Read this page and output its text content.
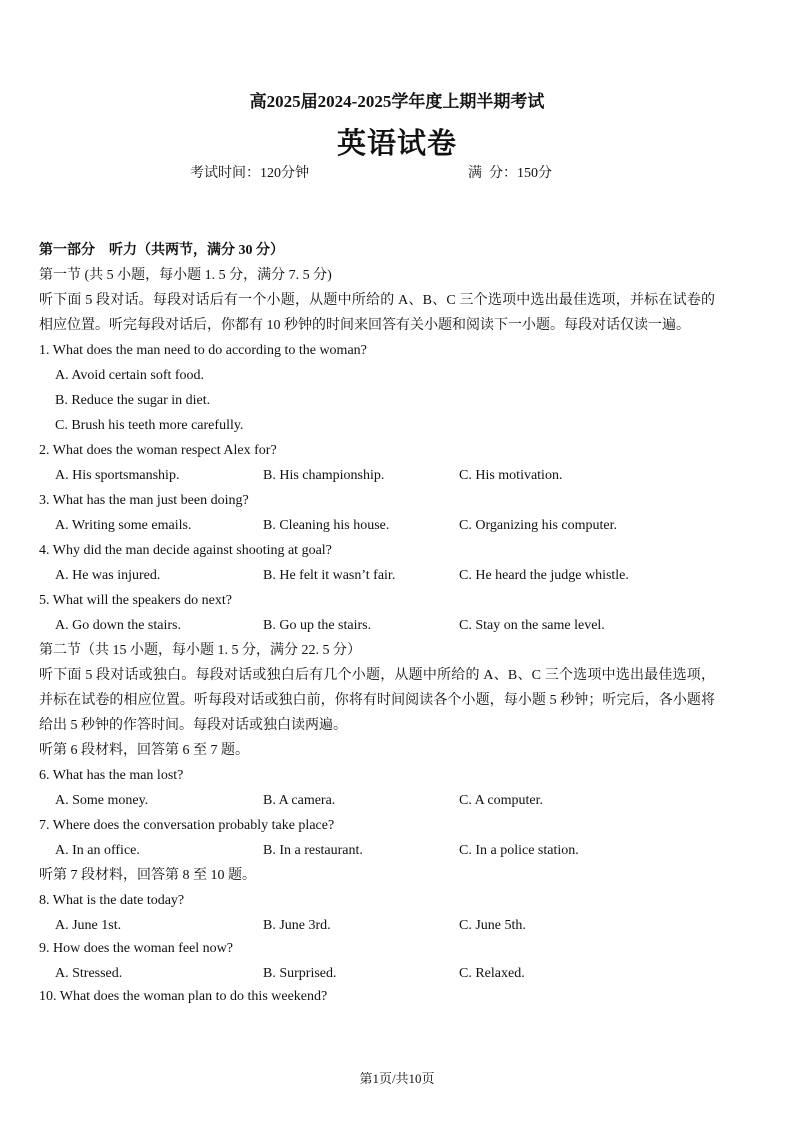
高2025届2024-2025学年度上期半期考试
英语试卷
考试时间：120分钟	满  分：150分

第一部分    听力（共两节，满分 30 分）

第一节 (共 5 小题，每小题 1. 5 分，满分 7. 5 分)

听下面 5 段对话。每段对话后有一个小题，从题中所给的 A、B、C 三个选项中选出最佳选项，并标在试卷的相应位置。听完每段对话后，你都有 10 秒钟的时间来回答有关小题和阅读下一小题。每段对话仅读一遍。

1. What does the man need to do according to the woman?

A. Avoid certain soft food.

B. Reduce the sugar in diet.

C. Brush his teeth more carefully.

2. What does the woman respect Alex for?

A. His sportsmanship.	B. His championship.	C. His motivation.

3. What has the man just been doing?

A. Writing some emails.	B. Cleaning his house.	C. Organizing his computer.

4. Why did the man decide against shooting at goal?

A. He was injured.	B. He felt it wasn’t fair.	C. He heard the judge whistle.

5. What will the speakers do next?

A. Go down the stairs.	B. Go up the stairs.	C. Stay on the same level.

第二节（共 15 小题，每小题 1. 5 分，满分 22. 5 分）

听下面 5 段对话或独白。每段对话或独白后有几个小题，从题中所给的 A、B、C 三个选项中选出最佳选项，并标在试卷的相应位置。听每段对话或独白前，你将有时间阅读各个小题，每小题 5 秒钟；听完后，各小题将给出 5 秒钟的作答时间。每段对话或独白读两遍。

听第 6 段材料，回答第 6 至 7 题。

6. What has the man lost?

A. Some money.	B. A camera.	C. A computer.

7. Where does the conversation probably take place?

A. In an office.	B. In a restaurant.	C. In a police station.

听第 7 段材料，回答第 8 至 10 题。

8. What is the date today?

A. June 1st.	B. June 3rd.	C. June 5th.

9. How does the woman feel now?

A. Stressed.	B. Surprised.	C. Relaxed.

10. What does the woman plan to do this weekend?

第1页/共10页
